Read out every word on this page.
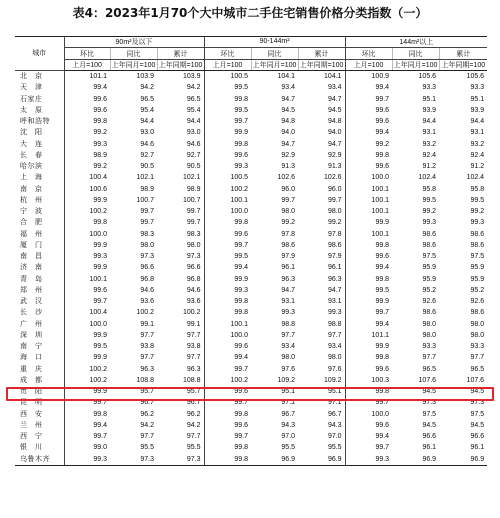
表4：2023年1月70个大中城市二手住宅销售价格分类指数（一）
城市	90m²及以下			90-144m²			144m²以上		
	环比	同比	累计	环比	同比	累计	环比	同比	累计
	上月=100	上年同月=100	上年同期=100	上月=100	上年同月=100	上年同期=100	上月=100	上年同月=100	上年同期=100
北　京	101.1	103.9	103.9	100.5	104.1	104.1	100.9	105.6	105.6
天　津	99.4	94.2	94.2	99.5	93.4	93.4	99.4	93.3	93.3
石家庄	99.6	96.5	96.5	99.8	94.7	94.7	99.7	95.1	95.1
太　原	99.6	95.4	95.4	99.5	94.5	94.5	99.6	93.9	93.9
呼和浩特	99.8	94.4	94.4	99.7	94.8	94.8	99.6	94.4	94.4
沈　阳	99.2	93.0	93.0	99.9	94.0	94.0	99.4	93.1	93.1
大　连	99.3	94.6	94.6	99.8	94.7	94.7	99.2	93.2	93.2
长　春	98.9	92.7	92.7	99.6	92.9	92.9	99.8	92.4	92.4
哈尔滨	99.2	90.5	90.5	99.3	91.3	91.3	99.6	91.2	91.2
上　海	100.4	102.1	102.1	100.5	102.6	102.6	100.0	102.4	102.4
南　京	100.6	98.9	98.9	100.2	96.0	96.0	100.1	95.8	95.8
杭　州	99.9	100.7	100.7	100.1	99.7	99.7	100.1	99.5	99.5
宁　波	100.2	99.7	99.7	100.0	98.0	98.0	100.1	99.2	99.2
合　肥	99.8	99.7	99.7	99.8	99.2	99.2	99.9	99.3	99.3
福　州	100.0	98.3	98.3	99.6	97.8	97.8	100.1	98.6	98.6
厦　门	99.9	98.0	98.0	99.7	98.6	98.6	99.8	98.6	98.6
南　昌	99.3	97.3	97.3	99.5	97.9	97.9	99.6	97.5	97.5
济　南	99.9	96.6	96.6	99.4	96.1	96.1	99.4	95.9	95.9
青　岛	100.1	96.8	96.8	99.9	96.3	96.3	99.8	95.9	95.9
郑　州	99.6	94.6	94.6	99.3	94.7	94.7	99.5	95.2	95.2
武　汉	99.7	93.6	93.6	99.8	93.1	93.1	99.9	92.6	92.6
长　沙	100.4	100.2	100.2	99.8	99.3	99.3	99.7	98.6	98.6
广　州	100.0	99.1	99.1	100.1	98.8	98.8	99.4	98.0	98.0
深　圳	99.9	97.7	97.7	100.0	97.7	97.7	101.1	98.0	98.0
南　宁	99.5	93.8	93.8	99.6	93.4	93.4	99.9	93.3	93.3
海　口	99.9	97.7	97.7	99.4	98.0	98.0	99.8	97.7	97.7
重　庆	100.2	96.3	96.3	99.7	97.6	97.6	99.6	96.5	96.5
成　都	100.2	108.8	108.8	100.2	109.2	109.2	100.3	107.6	107.6
贵　阳	99.9	95.7	95.7	99.6	95.1	95.1	99.8	94.5	94.5
昆　明	99.7	96.7	96.7	99.7	97.1	97.1	99.7	97.3	97.3
西　安	99.8	96.2	96.2	99.8	96.7	96.7	100.0	97.5	97.5
兰　州	99.4	94.2	94.2	99.6	94.3	94.3	99.6	94.5	94.5
西　宁	99.7	97.7	97.7	99.7	97.0	97.0	99.4	96.6	96.6
银　川	99.0	95.5	95.5	99.8	95.5	95.5	99.7	96.1	96.1
乌鲁木齐	99.3	97.3	97.3	99.8	96.9	96.9	99.3	96.9	96.9
